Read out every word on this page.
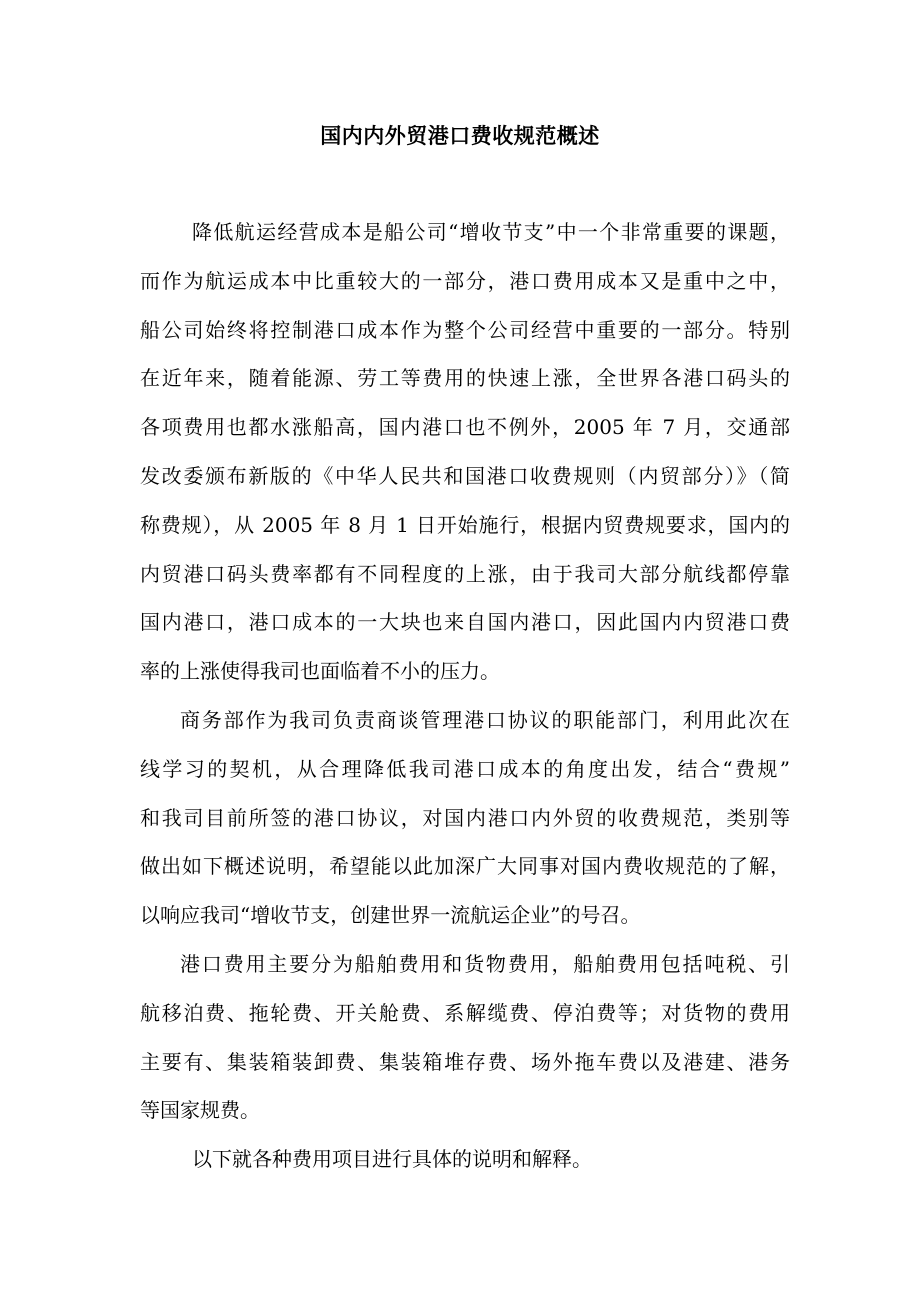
国内内外贸港口费收规范概述
降低航运经营成本是船公司“增收节支”中一个非常重要的课题，
而作为航运成本中比重较大的一部分，港口费用成本又是重中之中，
船公司始终将控制港口成本作为整个公司经营中重要的一部分。特别
在近年来，随着能源、劳工等费用的快速上涨，全世界各港口码头的
各项费用也都水涨船高，国内港口也不例外，2005 年 7 月，交通部
发改委颁布新版的《中华人民共和国港口收费规则（内贸部分）》（简
称费规），从 2005 年 8 月 1 日开始施行，根据内贸费规要求，国内的
内贸港口码头费率都有不同程度的上涨，由于我司大部分航线都停靠
国内港口，港口成本的一大块也来自国内港口，因此国内内贸港口费
率的上涨使得我司也面临着不小的压力。
商务部作为我司负责商谈管理港口协议的职能部门，利用此次在
线学习的契机，从合理降低我司港口成本的角度出发，结合“费规”
和我司目前所签的港口协议，对国内港口内外贸的收费规范，类别等
做出如下概述说明，希望能以此加深广大同事对国内费收规范的了解，
以响应我司“增收节支，创建世界一流航运企业”的号召。
港口费用主要分为船舶费用和货物费用，船舶费用包括吨税、引
航移泊费、拖轮费、开关舱费、系解缆费、停泊费等；对货物的费用
主要有、集装箱装卸费、集装箱堆存费、场外拖车费以及港建、港务
等国家规费。
以下就各种费用项目进行具体的说明和解释。
